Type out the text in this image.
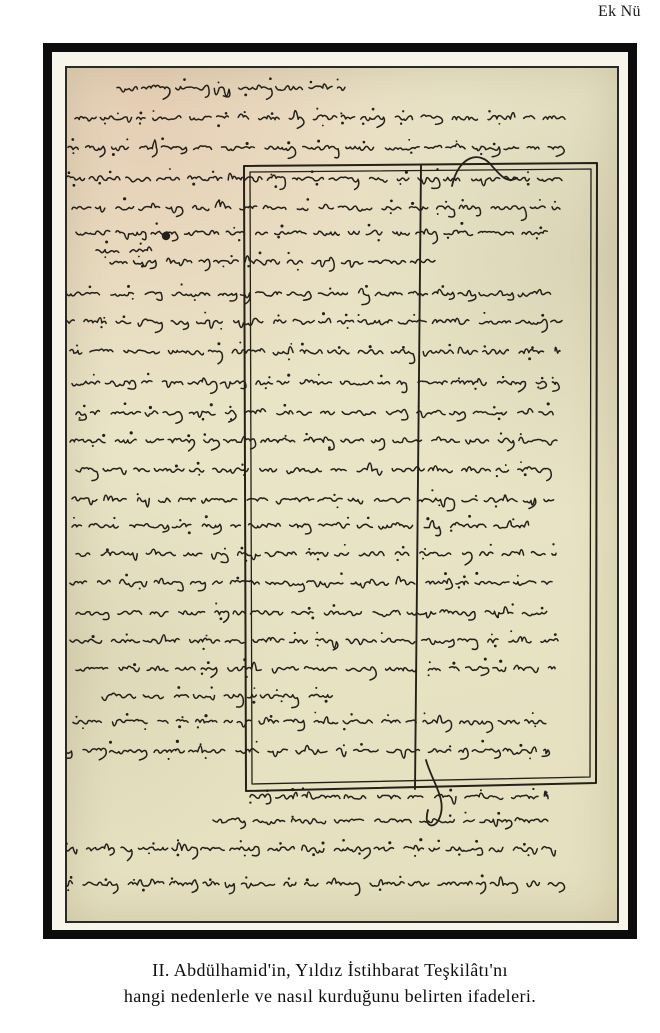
Ek Nü
II. Abdülhamid'in, Yıldız İstihbarat Teşkilâtı'nı
hangi nedenlerle ve nasıl kurduğunu belirten ifadeleri.
